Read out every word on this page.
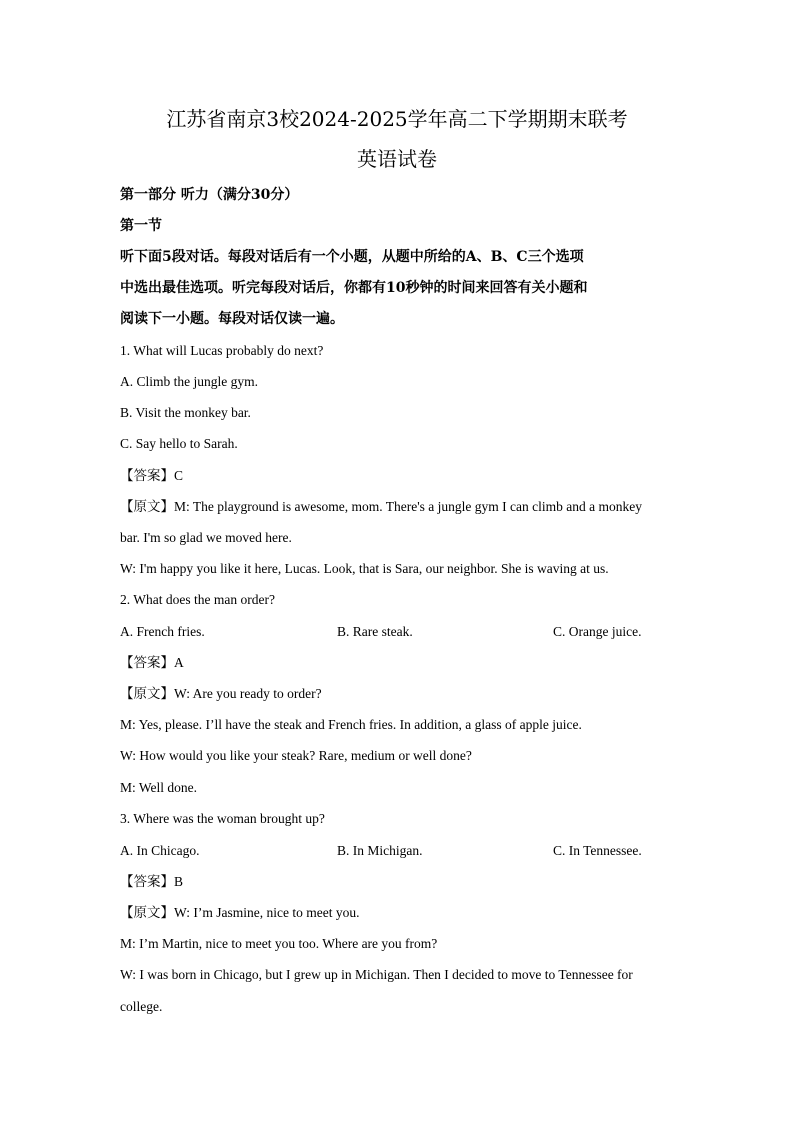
江苏省南京3校2024-2025学年高二下学期期末联考
英语试卷
第一部分 听力（满分30分）
第一节
听下面5段对话。每段对话后有一个小题，从题中所给的A、B、C三个选项
中选出最佳选项。听完每段对话后，你都有10秒钟的时间来回答有关小题和
阅读下一小题。每段对话仅读一遍。
1. What will Lucas probably do next?
A. Climb the jungle gym.
B. Visit the monkey bar.
C. Say hello to Sarah.
【答案】C
【原文】M: The playground is awesome, mom. There's a jungle gym I can climb and a monkey
bar. I'm so glad we moved here.
W: I'm happy you like it here, Lucas. Look, that is Sara, our neighbor. She is waving at us.
2. What does the man order?
A. French fries.	B. Rare steak.	C. Orange juice.
【答案】A
【原文】W: Are you ready to order?
M: Yes, please. I’ll have the steak and French fries. In addition, a glass of apple juice.
W: How would you like your steak? Rare, medium or well done?
M: Well done.
3. Where was the woman brought up?
A. In Chicago.	B. In Michigan.	C. In Tennessee.
【答案】B
【原文】W: I’m Jasmine, nice to meet you.
M: I’m Martin, nice to meet you too. Where are you from?
W: I was born in Chicago, but I grew up in Michigan. Then I decided to move to Tennessee for
college.
